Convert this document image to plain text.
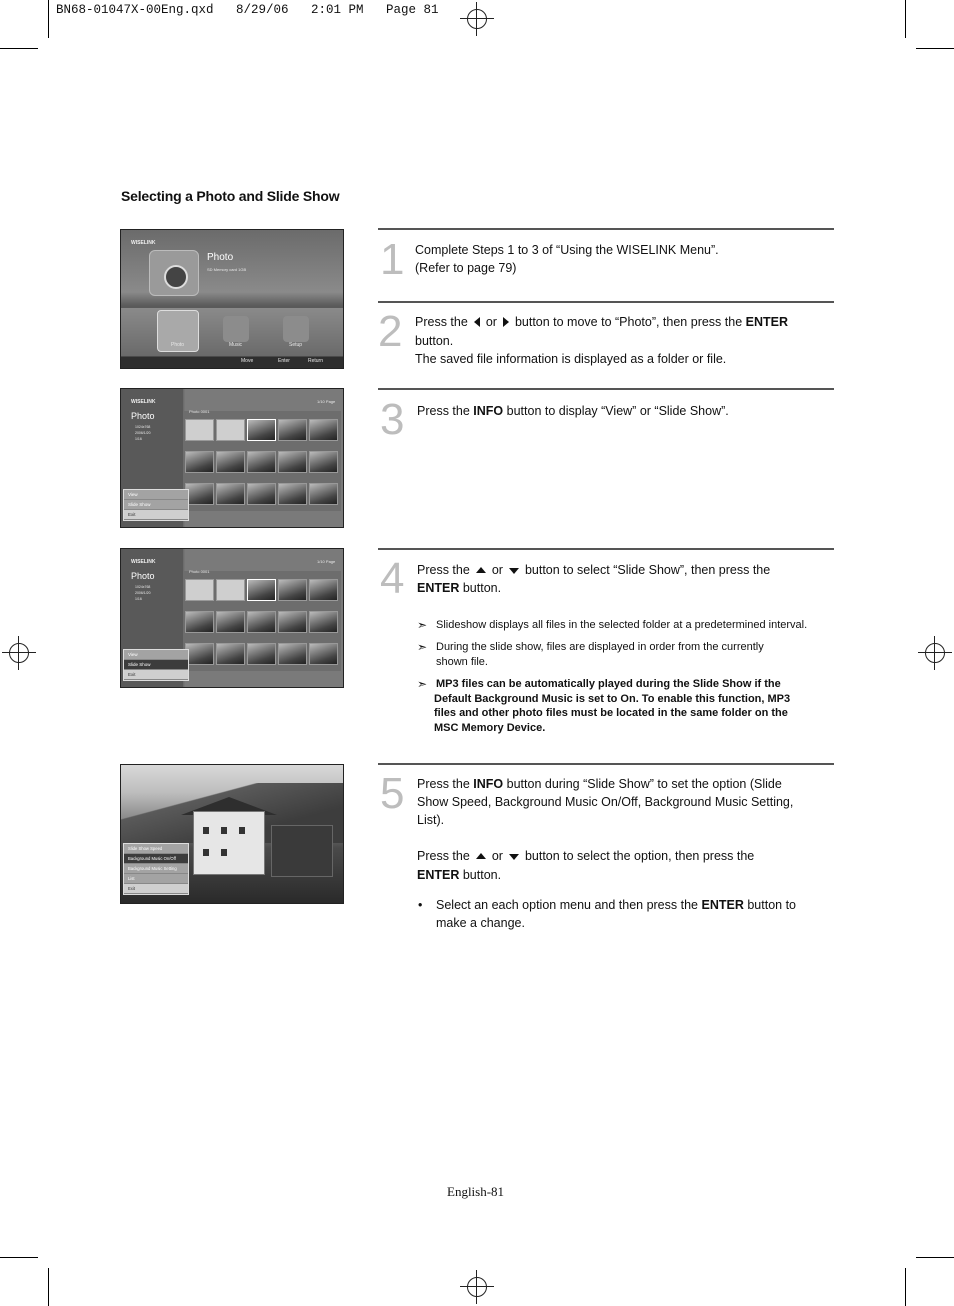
BN68-01047X-00Eng.qxd   8/29/06   2:01 PM   Page 81
Selecting a Photo and Slide Show
WISELINK
Photo
SD Memory card 1GB
Photo	Music	Setup
Move	Enter	Return
WISELINK	1/10 Page
Photo
1024x768
2006/1/20
1/16
Photo 0001
View
Slide Show
Exit
WISELINK	1/10 Page
Photo
1024x768
2006/1/20
1/16
Photo 0001
View
Slide Show
Exit
Slide Show Speed
Background Music On/Off
Background Music Setting
List
Exit
1 Complete Steps 1 to 3 of “Using the WISELINK Menu”.
(Refer to page 79)
2 Press the or button to move to “Photo”, then press the ENTER
button.
The saved file information is displayed as a folder or file.
3 Press the INFO button to display “View” or “Slide Show”.
4 Press the or button to select “Slide Show”, then press the
ENTER button.
➣ Slideshow displays all files in the selected folder at a predetermined interval.
➣ During the slide show, files are displayed in order from the currently
shown file.
➣ MP3 files can be automatically played during the Slide Show if the
Default Background Music is set to On. To enable this function, MP3
files and other photo files must be located in the same folder on the
MSC Memory Device.
5 Press the INFO button during “Slide Show” to set the option (Slide
Show Speed, Background Music On/Off, Background Music Setting,
List).
Press the or button to select the option, then press the
ENTER button.
• Select an each option menu and then press the ENTER button to
make a change.
English-81
